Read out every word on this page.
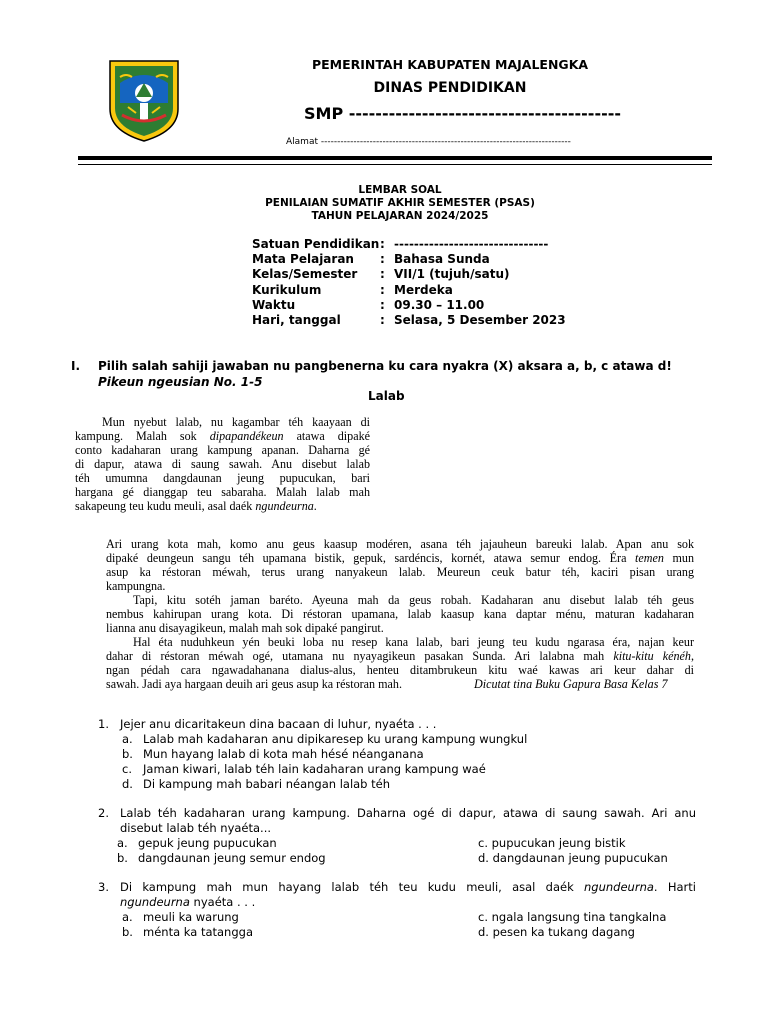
PEMERINTAH KABUPATEN MAJALENGKA
DINAS PENDIDIKAN
SMP -----------------------------------------
Alamat -----------------------------------------------------------------------------
LEMBAR SOAL
PENILAIAN SUMATIF AKHIR SEMESTER (PSAS)
TAHUN PELAJARAN 2024/2025
Satuan Pendidikan	:	-------------------------------
Mata Pelajaran	:	Bahasa Sunda
Kelas/Semester	:	VII/1 (tujuh/satu)
Kurikulum	:	Merdeka
Waktu	:	09.30 – 11.00
Hari, tanggal	:	Selasa, 5 Desember 2023
I. Pilih salah sahiji jawaban nu pangbenerna ku cara nyakra (X) aksara a, b, c atawa d!
Pikeun ngeusian No. 1-5
Lalab
Mun nyebut lalab, nu kagambar téh kaayaan di
kampung. Malah sok dipapandékeun atawa dipaké
conto kadaharan urang kampung apanan. Daharna gé
di dapur, atawa di saung sawah. Anu disebut lalab
téh umumna dangdaunan jeung pupucukan, bari
hargana gé dianggap teu sabaraha. Malah lalab mah
sakapeung teu kudu meuli, asal daék ngundeurna.
Ari urang kota mah, komo anu geus kaasup modéren, asana téh jajauheun bareuki lalab. Apan anu sok
dipaké deungeun sangu téh upamana bistik, gepuk, sardéncis, kornét, atawa semur endog. Éra temen mun
asup ka réstoran méwah, terus urang nanyakeun lalab. Meureun ceuk batur téh, kaciri pisan urang
kampungna.
Tapi, kitu sotéh jaman baréto. Ayeuna mah da geus robah. Kadaharan anu disebut lalab téh geus
nembus kahirupan urang kota. Di réstoran upamana, lalab kaasup kana daptar ménu, maturan kadaharan
lianna anu disayagikeun, malah mah sok dipaké pangirut.
Hal éta nuduhkeun yén beuki loba nu resep kana lalab, bari jeung teu kudu ngarasa éra, najan keur
dahar di réstoran méwah ogé, utamana nu nyayagikeun pasakan Sunda. Ari lalabna mah kitu-kitu kénéh,
ngan pédah cara ngawadahanana dialus-alus, henteu ditambrukeun kitu waé kawas ari keur dahar di
sawah. Jadi aya hargaan deuih ari geus asup ka réstoran mah.	Dicutat tina Buku Gapura Basa Kelas 7
1. Jejer anu dicaritakeun dina bacaan di luhur, nyaéta . . .
a. Lalab mah kadaharan anu dipikaresep ku urang kampung wungkul
b. Mun hayang lalab di kota mah hésé néanganana
c. Jaman kiwari, lalab téh lain kadaharan urang kampung waé
d. Di kampung mah babari néangan lalab téh
2. Lalab téh kadaharan urang kampung. Daharna ogé di dapur, atawa di saung sawah. Ari anu
disebut lalab téh nyaéta...
a. gepuk jeung pupucukan	c. pupucukan jeung bistik
b. dangdaunan jeung semur endog	d. dangdaunan jeung pupucukan
3. Di kampung mah mun hayang lalab téh teu kudu meuli, asal daék ngundeurna. Harti
ngundeurna nyaéta . . .
a. meuli ka warung	c. ngala langsung tina tangkalna
b. ménta ka tatangga	d. pesen ka tukang dagang
